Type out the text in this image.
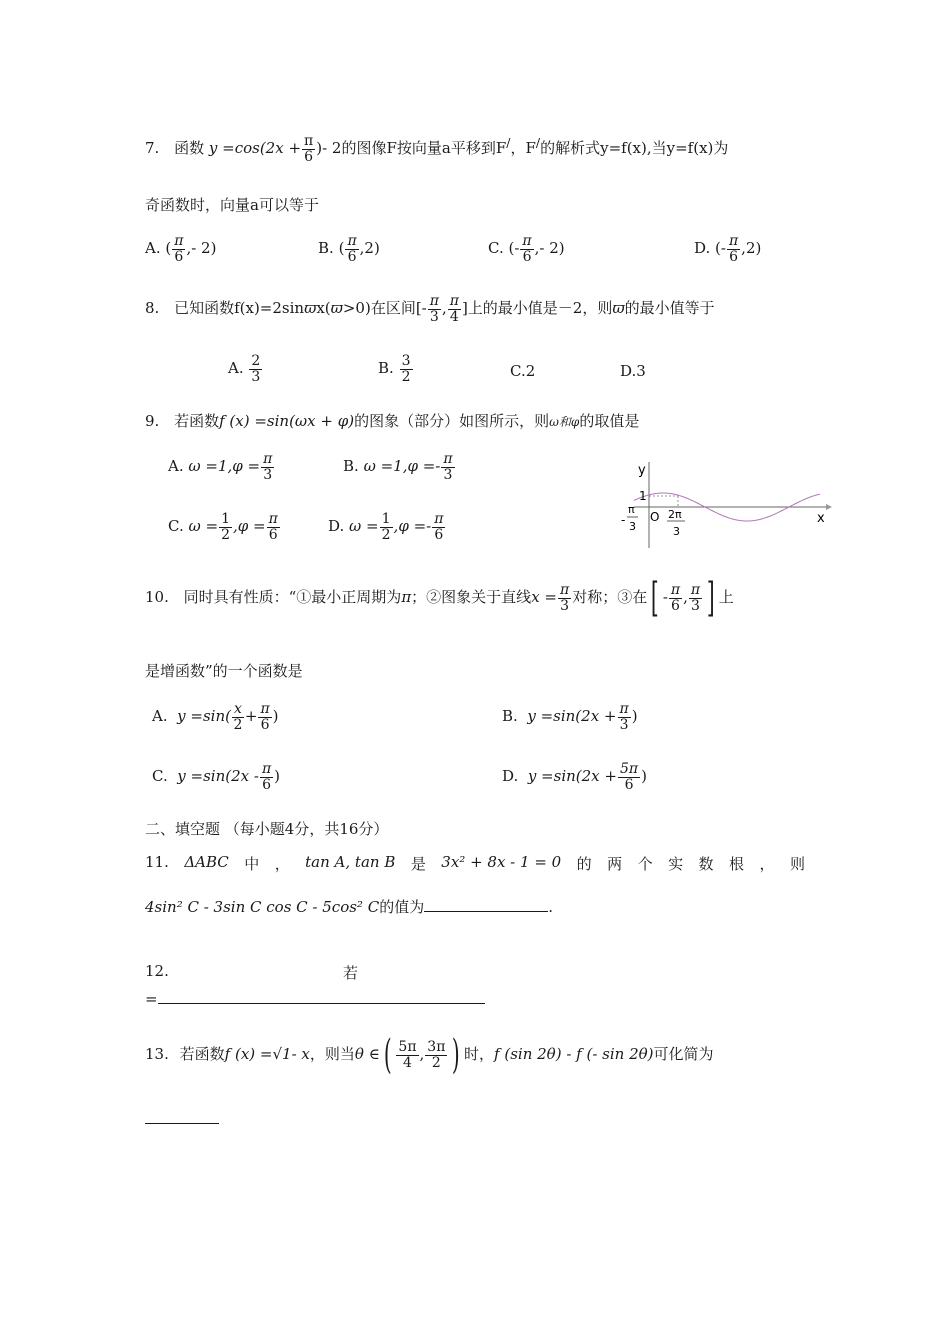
7. 函数 $y =\cos(2x + \frac{\pi}{6}$ )- 2的图像F按向量a平移到F/，F/的解析式y=f(x),当y=f(x)为
奇函数时，向量a可以等于
A. ( $\frac{\pi}{6}$ ,- 2)	B. ( $\frac{\pi}{6} ,2$)	C. (- $\frac{\pi}{6}$ ,- 2)	D. (- $\frac{\pi}{6} ,2$)
8. 已知函数f(x)=2sinϖx(ϖ>0)在区间[- $\frac{\pi}{3}$ , $\frac{\pi}{4}$ ]上的最小值是－2，则ϖ的最小值等于
A. $\frac{2}{3}$	B. $\frac{3}{2}$	C.2	D.3
9. 若函数f (x) =sin(ωx + φ)的图象（部分）如图所示，则ω和φ的取值是
A. $\omega =1,\varphi = \frac{\pi}{3}$	B. $\omega =1,\varphi =- \frac{\pi}{3}$
C. $\omega = \frac{1}{2} ,\varphi = \frac{\pi}{6}$	D. $\omega = \frac{1}{2} ,\varphi =- \frac{\pi}{6}$
y
x
1
O
-
π
3
2π
3
10. 同时具有性质：“①最小正周期为π；②图象关于直线$x = \frac{\pi}{3}$ 对称；③在[ - $\frac{\pi}{6}$ , $\frac{\pi}{3}$ ] 上
是增函数”的一个函数是
A. $y =\sin( \frac{x}{2} + \frac{\pi}{6}$ )	B. $y =\sin(2x + \frac{\pi}{3}$ )
C. $y =\sin(2x - \frac{\pi}{6}$ )	D. $y =\sin(2x + \frac{5\pi}{6}$ )
二、填空题 （每小题4分，共16分）
11. ΔABC 中 ， tan A, tan B 是 3x² + 8x - 1 = 0 的 两 个 实 数 根 ， 则
4sin² C - 3sin C cos C - 5cos² C的值为	.
12.	若
=
13. 若函数f (x) =√1- x，则当θ ∈( $\frac{5\pi}{4}$ , $\frac{3\pi}{2}$ ) 时，f (sin 2θ) - f (- sin 2θ)可化简为
